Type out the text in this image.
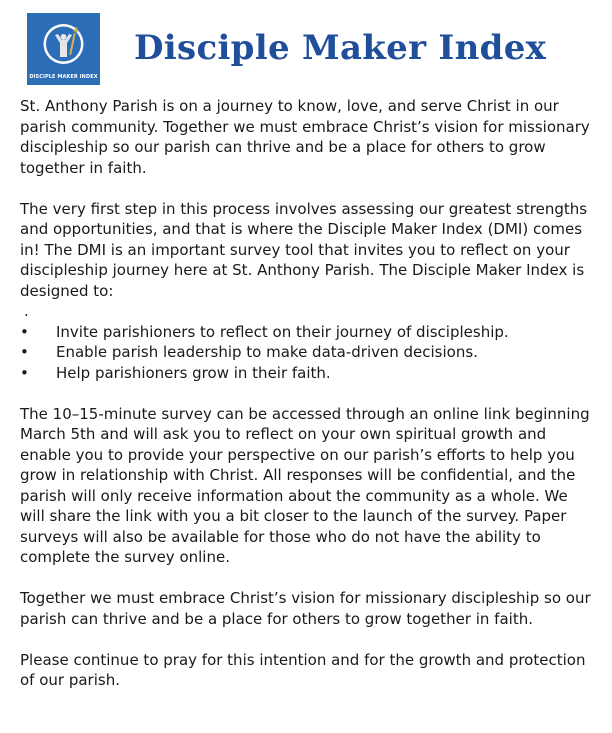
DISCIPLE MAKER INDEX
Disciple Maker Index

St. Anthony Parish is on a journey to know, love, and serve Christ in our parish community. Together we must embrace Christ’s vision for missionary discipleship so our parish can thrive and be a place for others to grow together in faith.

The very first step in this process involves assessing our greatest strengths and opportunities, and that is where the Disciple Maker Index (DMI) comes in! The DMI is an important survey tool that invites you to reflect on your discipleship journey here at St. Anthony Parish. The Disciple Maker Index is designed to:

.
• Invite parishioners to reflect on their journey of discipleship.
• Enable parish leadership to make data-driven decisions.
• Help parishioners grow in their faith.

The 10–15-minute survey can be accessed through an online link beginning March 5th and will ask you to reflect on your own spiritual growth and enable you to provide your perspective on our parish’s efforts to help you grow in relationship with Christ. All responses will be confidential, and the parish will only receive information about the community as a whole. We will share the link with you a bit closer to the launch of the survey. Paper surveys will also be available for those who do not have the ability to complete the survey online.

Together we must embrace Christ’s vision for missionary discipleship so our parish can thrive and be a place for others to grow together in faith.

Please continue to pray for this intention and for the growth and protection of our parish.
